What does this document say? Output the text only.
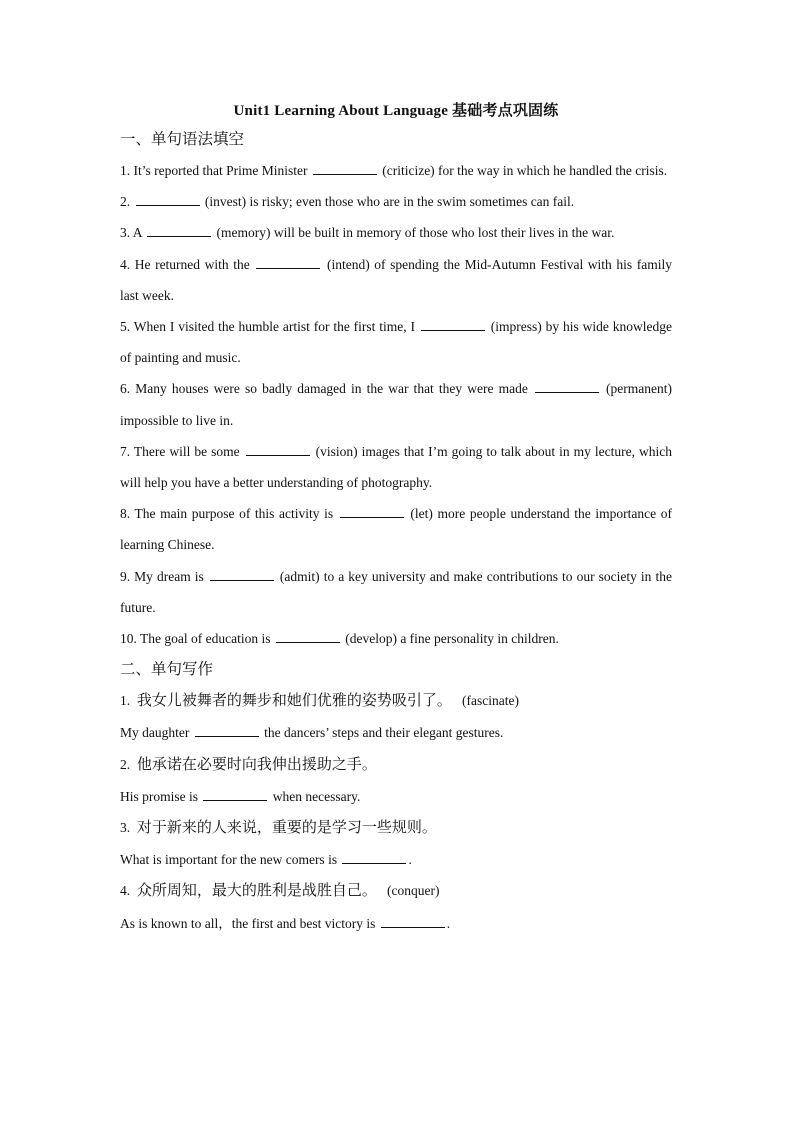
Unit1 Learning About Language 基础考点巩固练
一、单句语法填空

1. It’s reported that Prime Minister	(criticize) for the way in which he handled the crisis.

2.	(invest) is risky; even those who are in the swim sometimes can fail.

3. A	(memory) will be built in memory of those who lost their lives in the war.

4. He returned with the	(intend) of spending the Mid-Autumn Festival with his family last week.

5. When I visited the humble artist for the first time, I	(impress) by his wide knowledge of painting and music.

6. Many houses were so badly damaged in the war that they were made	(permanent) impossible to live in.

7. There will be some	(vision) images that I’m going to talk about in my lecture, which will help you have a better understanding of photography.

8. The main purpose of this activity is	(let) more people understand the importance of learning Chinese.

9. My dream is	(admit) to a key university and make contributions to our society in the future.

10. The goal of education is	(develop) a fine personality in children.

二、单句写作

1. 我女儿被舞者的舞步和她们优雅的姿势吸引了。 (fascinate)

My daughter	the dancers’ steps and their elegant gestures.

2. 他承诺在必要时向我伸出援助之手。

His promise is	when necessary.

3. 对于新来的人来说，重要的是学习一些规则。

What is important for the new comers is	.

4. 众所周知，最大的胜利是战胜自己。 (conquer)

As is known to all，the first and best victory is	.
